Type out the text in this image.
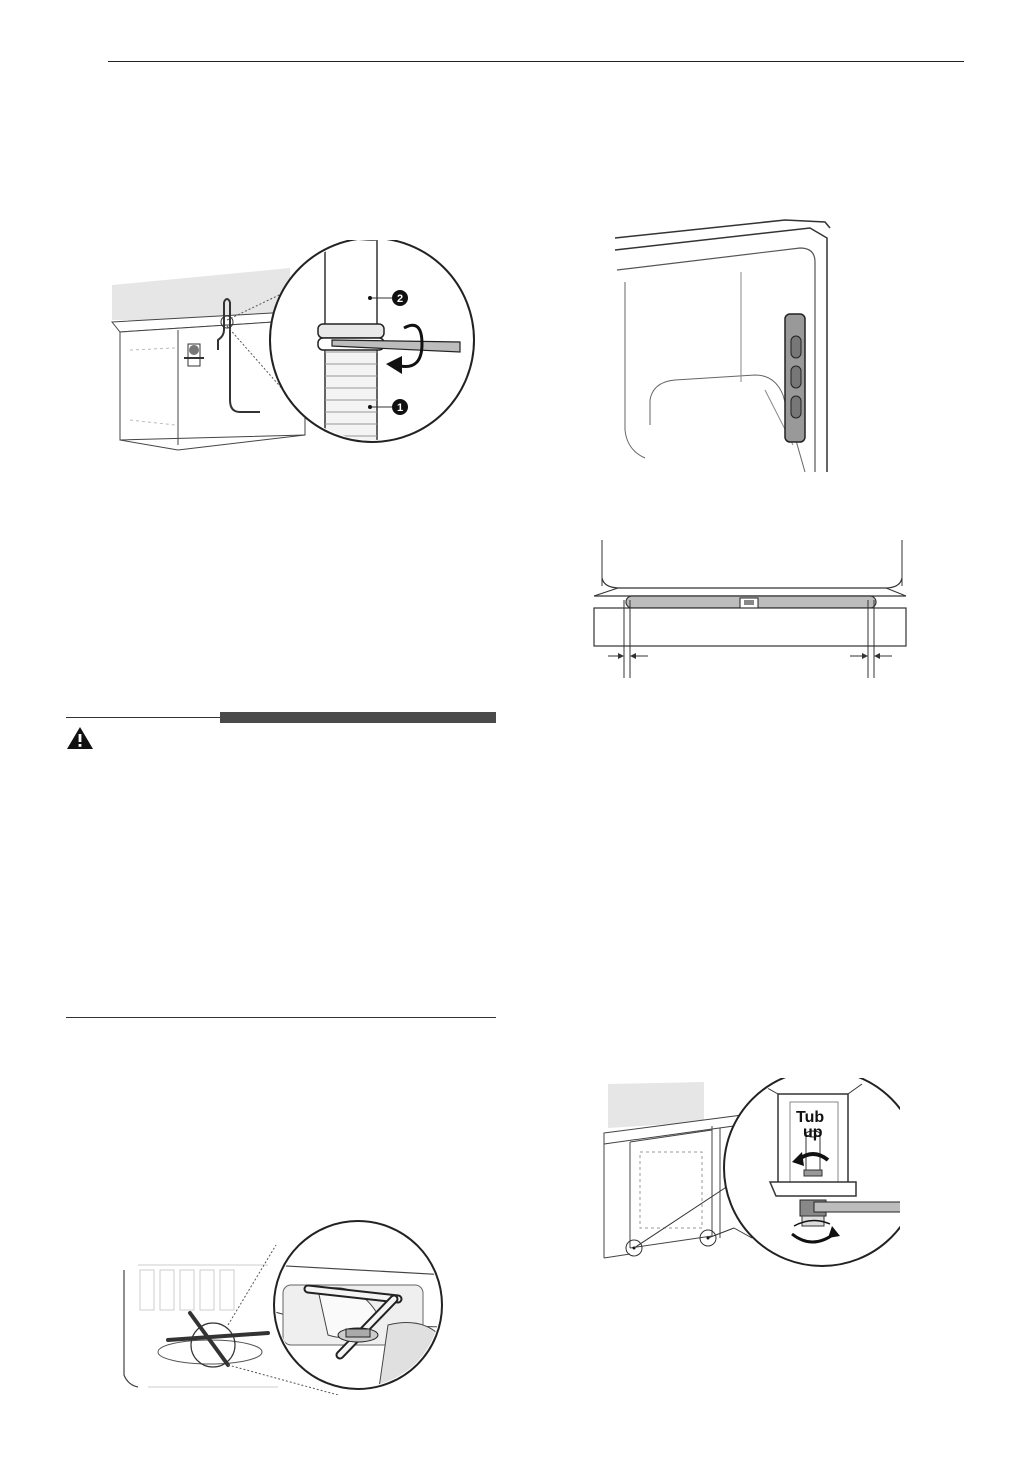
2
1
Tub
up
